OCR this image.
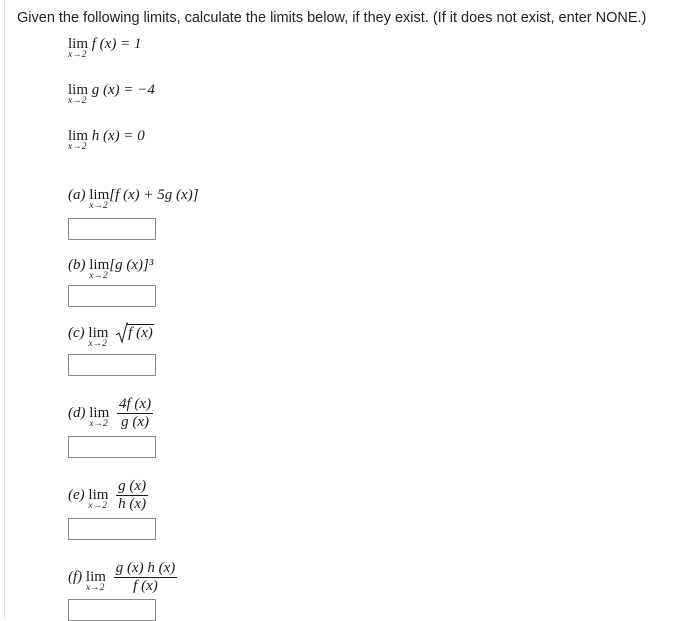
Given the following limits, calculate the limits below, if they exist. (If it does not exist, enter NONE.)
lim
x→2
f (x) = 1
lim
x→2
g (x) = −4
lim
x→2
h (x) = 0
(a) lim
x→2
[f (x) + 5g (x)]
(b) lim
x→2
[g (x)]³
(c) lim
x→2

f (x)
(d) lim
x→2
$\frac{4f (x)}{g (x)}$
(e) lim
x→2
$\frac{g (x)}{h (x)}$
(f) lim
x→2
$\frac{g (x) h (x)}{f (x)}$
